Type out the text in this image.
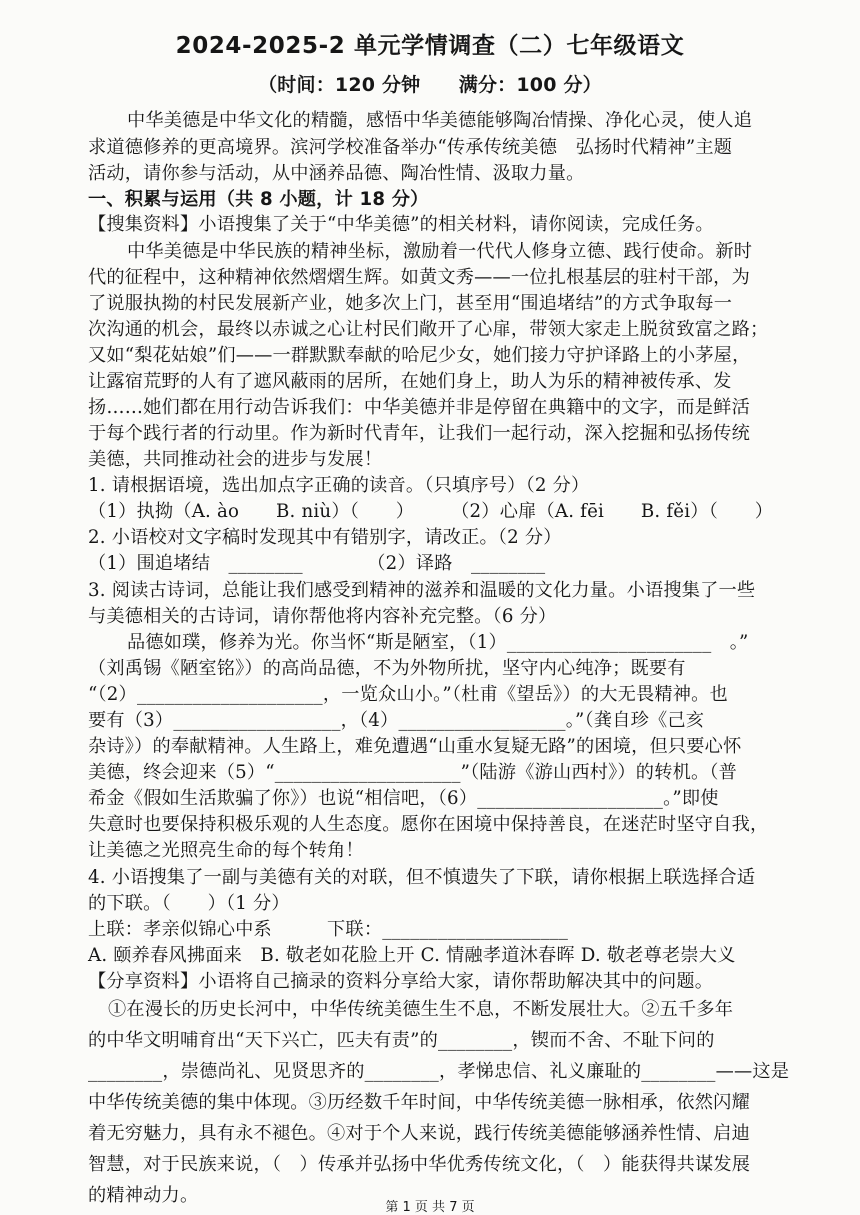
2024-2025-2 单元学情调查（二）七年级语文
（时间：120 分钟　　满分：100 分）
中华美德是中华文化的精髓，感悟中华美德能够陶冶情操、净化心灵，使人追
求道德修养的更高境界。滨河学校准备举办“传承传统美德　弘扬时代精神”主题
活动，请你参与活动，从中涵养品德、陶冶性情、汲取力量。
一、积累与运用（共 8 小题，计 18 分）
【搜集资料】小语搜集了关于“中华美德”的相关材料，请你阅读，完成任务。
中华美德是中华民族的精神坐标，激励着一代代人修身立德、践行使命。新时
代的征程中，这种精神依然熠熠生辉。如黄文秀——一位扎根基层的驻村干部，为
了说服执拗的村民发展新产业，她多次上门，甚至用“围追堵结”的方式争取每一
次沟通的机会，最终以赤诚之心让村民们敞开了心扉，带领大家走上脱贫致富之路；
又如“梨花姑娘”们——一群默默奉献的哈尼少女，她们接力守护译路上的小茅屋，
让露宿荒野的人有了遮风蔽雨的居所，在她们身上，助人为乐的精神被传承、发
扬……她们都在用行动告诉我们：中华美德并非是停留在典籍中的文字，而是鲜活
于每个践行者的行动里。作为新时代青年，让我们一起行动，深入挖掘和弘扬传统
美德，共同推动社会的进步与发展！
1. 请根据语境，选出加点字正确的读音。（只填序号）（2 分）
（1）执拗（A. ào　　B. niù）（　　）　　　（2）心扉（A. fēi　　B. fěi）（　　）
2. 小语校对文字稿时发现其中有错别字，请改正。（2 分）
（1）围追堵结　________　　　　（2）译路　________
3. 阅读古诗词，总能让我们感受到精神的滋养和温暖的文化力量。小语搜集了一些
与美德相关的古诗词，请你帮他将内容补充完整。（6 分）
品德如璞，修养为光。你当怀“斯是陋室，（1）______________________　。”
（刘禹锡《陋室铭》）的高尚品德，不为外物所扰，坚守内心纯净；既要有
“（2）____________________，一览众山小。”（杜甫《望岳》）的大无畏精神。也
要有（3）__________________，（4）__________________。”（龚自珍《己亥
杂诗》）的奉献精神。人生路上，难免遭遇“山重水复疑无路”的困境，但只要心怀
美德，终会迎来（5）“____________________”（陆游《游山西村》）的转机。（普
希金《假如生活欺骗了你》）也说“相信吧，（6）____________________。”即使
失意时也要保持积极乐观的人生态度。愿你在困境中保持善良，在迷茫时坚守自我，
让美德之光照亮生命的每个转角！
4. 小语搜集了一副与美德有关的对联，但不慎遗失了下联，请你根据上联选择合适
的下联。（　　）（1 分）
上联：孝亲似锦心中系　　　下联：____________________
A. 颐养春风拂面来　B. 敬老如花脸上开 C. 情融孝道沐春晖 D. 敬老尊老崇大义
【分享资料】小语将自己摘录的资料分享给大家，请你帮助解决其中的问题。
①在漫长的历史长河中，中华传统美德生生不息，不断发展壮大。②五千多年
的中华文明哺育出“天下兴亡，匹夫有责”的________，锲而不舍、不耻下问的
________，崇德尚礼、见贤思齐的________，孝悌忠信、礼义廉耻的________——这是
中华传统美德的集中体现。③历经数千年时间，中华传统美德一脉相承，依然闪耀
着无穷魅力，具有永不褪色。④对于个人来说，践行传统美德能够涵养性情、启迪
智慧，对于民族来说，（　）传承并弘扬中华优秀传统文化，（　）能获得共谋发展
的精神动力。
第 1 页 共 7 页
